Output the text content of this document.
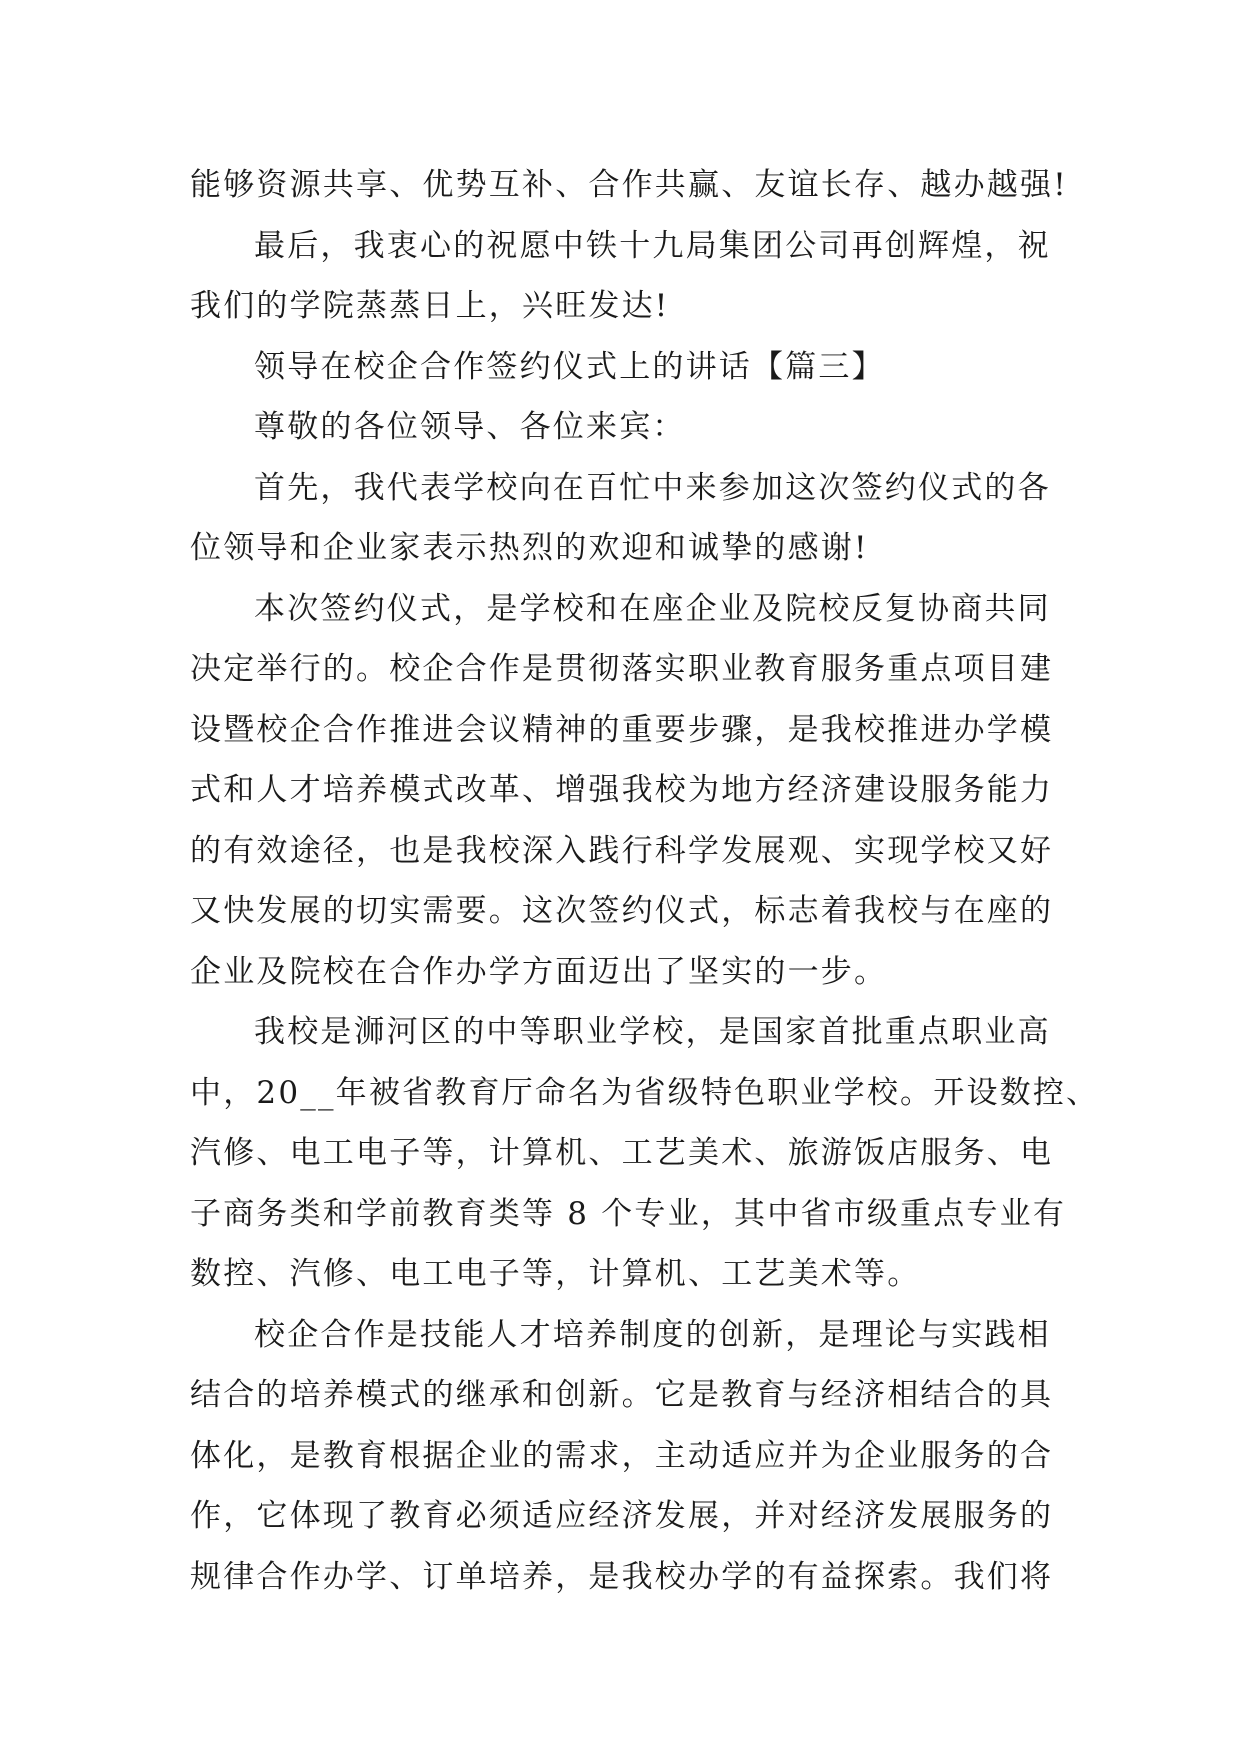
能够资源共享、优势互补、合作共赢、友谊长存、越办越强!
最后，我衷心的祝愿中铁十九局集团公司再创辉煌，祝
我们的学院蒸蒸日上，兴旺发达!
领导在校企合作签约仪式上的讲话【篇三】
尊敬的各位领导、各位来宾：
首先，我代表学校向在百忙中来参加这次签约仪式的各
位领导和企业家表示热烈的欢迎和诚挚的感谢!
本次签约仪式，是学校和在座企业及院校反复协商共同
决定举行的。校企合作是贯彻落实职业教育服务重点项目建
设暨校企合作推进会议精神的重要步骤，是我校推进办学模
式和人才培养模式改革、增强我校为地方经济建设服务能力
的有效途径，也是我校深入践行科学发展观、实现学校又好
又快发展的切实需要。这次签约仪式，标志着我校与在座的
企业及院校在合作办学方面迈出了坚实的一步。
我校是浉河区的中等职业学校，是国家首批重点职业高
中，20__年被省教育厅命名为省级特色职业学校。开设数控、
汽修、电工电子等，计算机、工艺美术、旅游饭店服务、电
子商务类和学前教育类等 8 个专业，其中省市级重点专业有
数控、汽修、电工电子等，计算机、工艺美术等。
校企合作是技能人才培养制度的创新，是理论与实践相
结合的培养模式的继承和创新。它是教育与经济相结合的具
体化，是教育根据企业的需求，主动适应并为企业服务的合
作，它体现了教育必须适应经济发展，并对经济发展服务的
规律合作办学、订单培养，是我校办学的有益探索。我们将
